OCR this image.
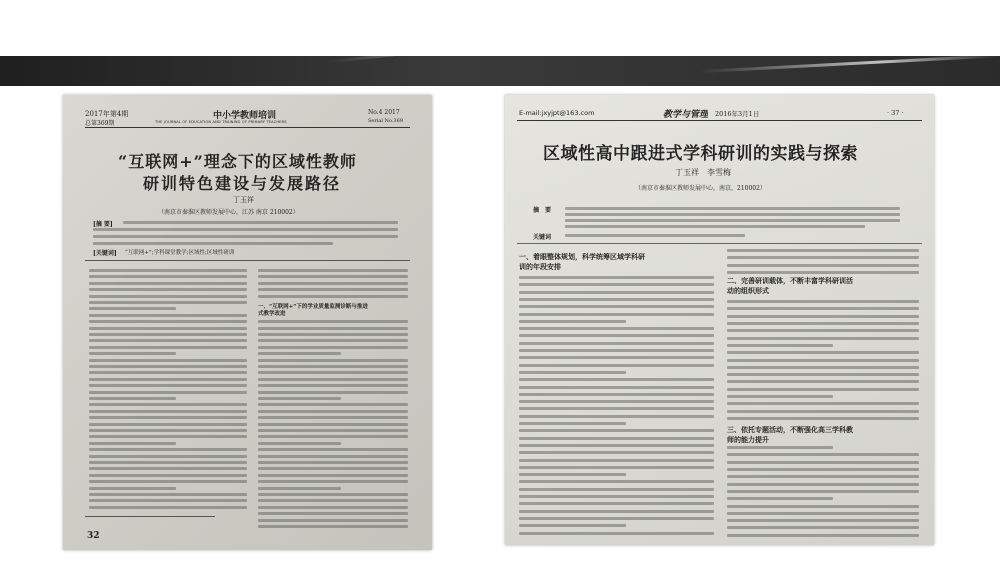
2017年第4期
总第369期
中小学教师培训
THE JOURNAL OF EDUCATION AND TRAINING OF PRIMARY TEACHERS
No.4 2017
Serial No.369
“互联网+”理念下的区域性教师
研训特色建设与发展路径
丁玉祥
（南京市秦淮区教师发展中心，江苏 南京 210002）
[摘 要]
[关键词] “互联网+”;学科课堂教学;区域性;区域性研训
一、“互联网+”下的学业质量监测诊断与推进
式教学改进
32
E-mail:jxyjpt@163.com	教学与管理 2016年3月1日	· 37 ·
区域性高中跟进式学科研训的实践与探索
丁玉祥　李雪梅
（南京市秦淮区教师发展中心，南京，210002）
摘　要
关键词
一、着眼整体规划，科学统筹区域学科研
训的年段安排
二、完善研训载体，不断丰富学科研训活
动的组织形式
三、依托专题活动，不断强化高三学科教
师的能力提升
